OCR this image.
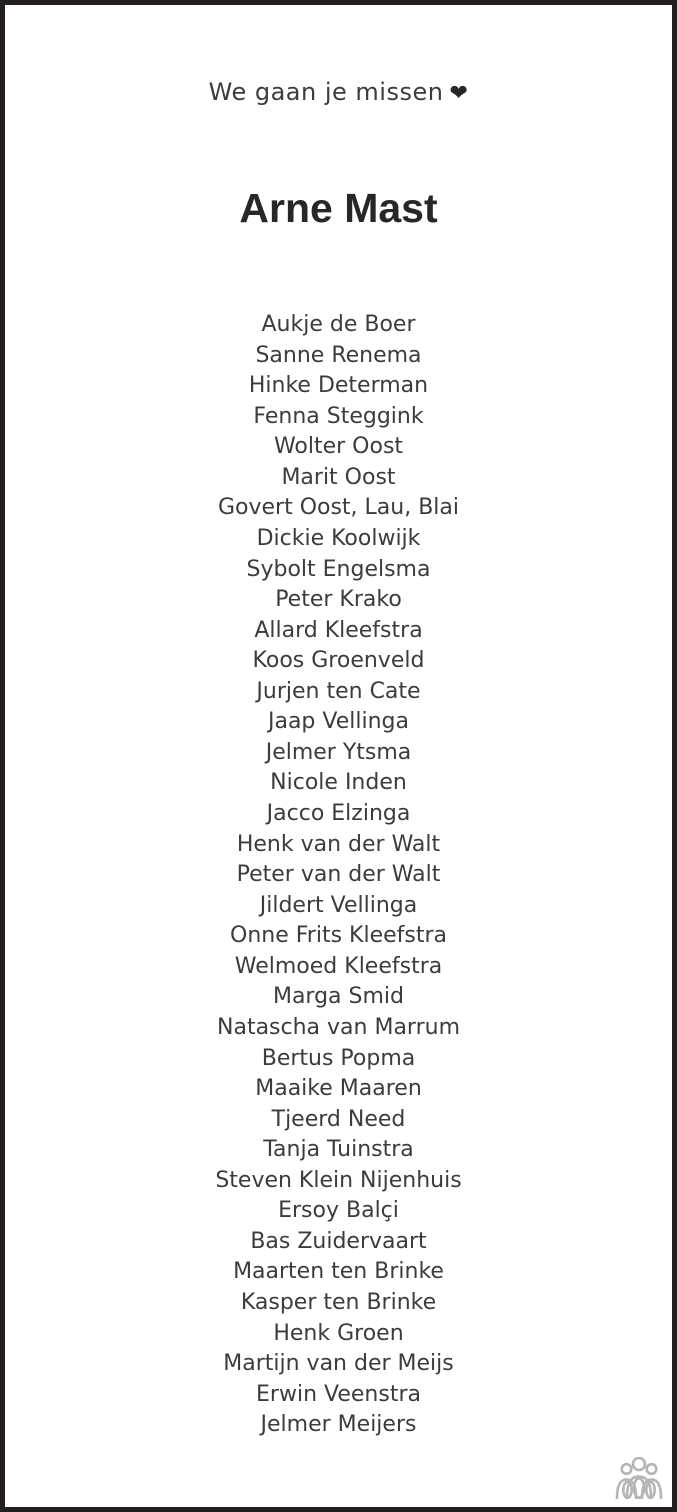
We gaan je missen ❤
Arne Mast
Aukje de Boer
Sanne Renema
Hinke Determan
Fenna Steggink
Wolter Oost
Marit Oost
Govert Oost, Lau, Blai
Dickie Koolwijk
Sybolt Engelsma
Peter Krako
Allard Kleefstra
Koos Groenveld
Jurjen ten Cate
Jaap Vellinga
Jelmer Ytsma
Nicole Inden
Jacco Elzinga
Henk van der Walt
Peter van der Walt
Jildert Vellinga
Onne Frits Kleefstra
Welmoed Kleefstra
Marga Smid
Natascha van Marrum
Bertus Popma
Maaike Maaren
Tjeerd Need
Tanja Tuinstra
Steven Klein Nijenhuis
Ersoy Balçi
Bas Zuidervaart
Maarten ten Brinke
Kasper ten Brinke
Henk Groen
Martijn van der Meijs
Erwin Veenstra
Jelmer Meijers
